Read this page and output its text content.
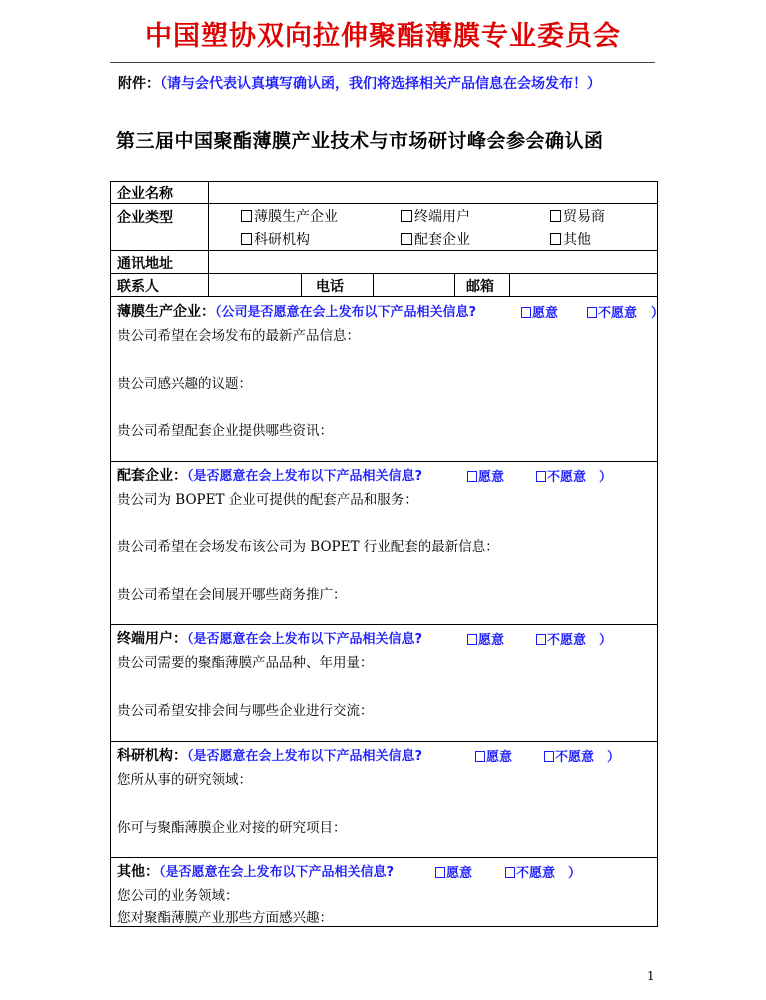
中国塑协双向拉伸聚酯薄膜专业委员会
附件：（请与会代表认真填写确认函，我们将选择相关产品信息在会场发布！）
第三届中国聚酯薄膜产业技术与市场研讨峰会参会确认函
企业名称
企业类型
通讯地址
联系人	电话	邮箱
薄膜生产企业	终端用户	贸易商
科研机构	配套企业	其他
薄膜生产企业：（公司是否愿意在会上发布以下产品相关信息?	愿意	不愿意 ）
贵公司希望在会场发布的最新产品信息：
贵公司感兴趣的议题：
贵公司希望配套企业提供哪些资讯：
配套企业：（是否愿意在会上发布以下产品相关信息?	愿意	不愿意 ）
贵公司为 BOPET 企业可提供的配套产品和服务：
贵公司希望在会场发布该公司为 BOPET 行业配套的最新信息：
贵公司希望在会间展开哪些商务推广：
终端用户：（是否愿意在会上发布以下产品相关信息?	愿意	不愿意 ）
贵公司需要的聚酯薄膜产品品种、年用量：
贵公司希望安排会间与哪些企业进行交流：
科研机构：（是否愿意在会上发布以下产品相关信息?	愿意	不愿意 ）
您所从事的研究领域：
你可与聚酯薄膜企业对接的研究项目：
其他：（是否愿意在会上发布以下产品相关信息?	愿意	不愿意 ）
您公司的业务领域：
您对聚酯薄膜产业那些方面感兴趣：
1
